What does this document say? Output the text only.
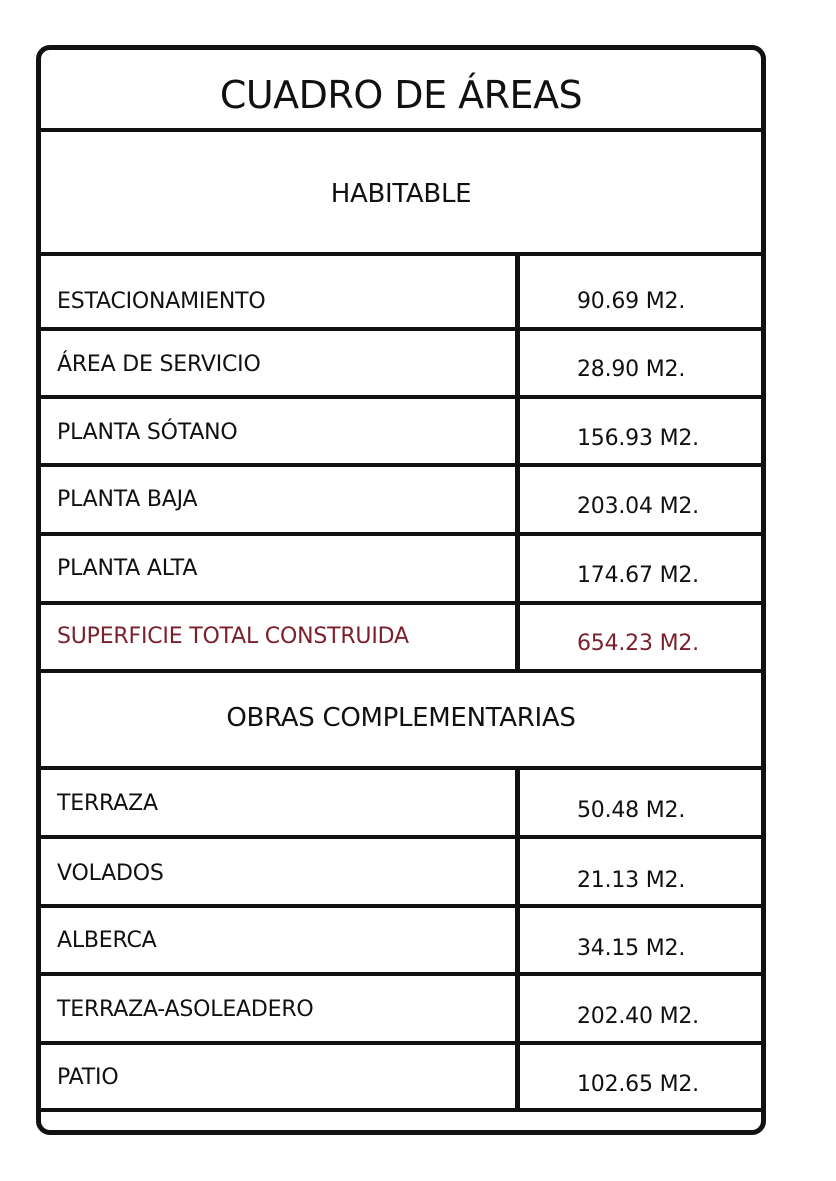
CUADRO DE ÁREAS
HABITABLE
ESTACIONAMIENTO	90.69 M2.
ÁREA DE SERVICIO	28.90 M2.
PLANTA SÓTANO	156.93 M2.
PLANTA BAJA	203.04 M2.
PLANTA ALTA	174.67 M2.
SUPERFICIE TOTAL CONSTRUIDA	654.23 M2.
OBRAS COMPLEMENTARIAS
TERRAZA	50.48 M2.
VOLADOS	21.13 M2.
ALBERCA	34.15 M2.
TERRAZA-ASOLEADERO	202.40 M2.
PATIO	102.65 M2.
